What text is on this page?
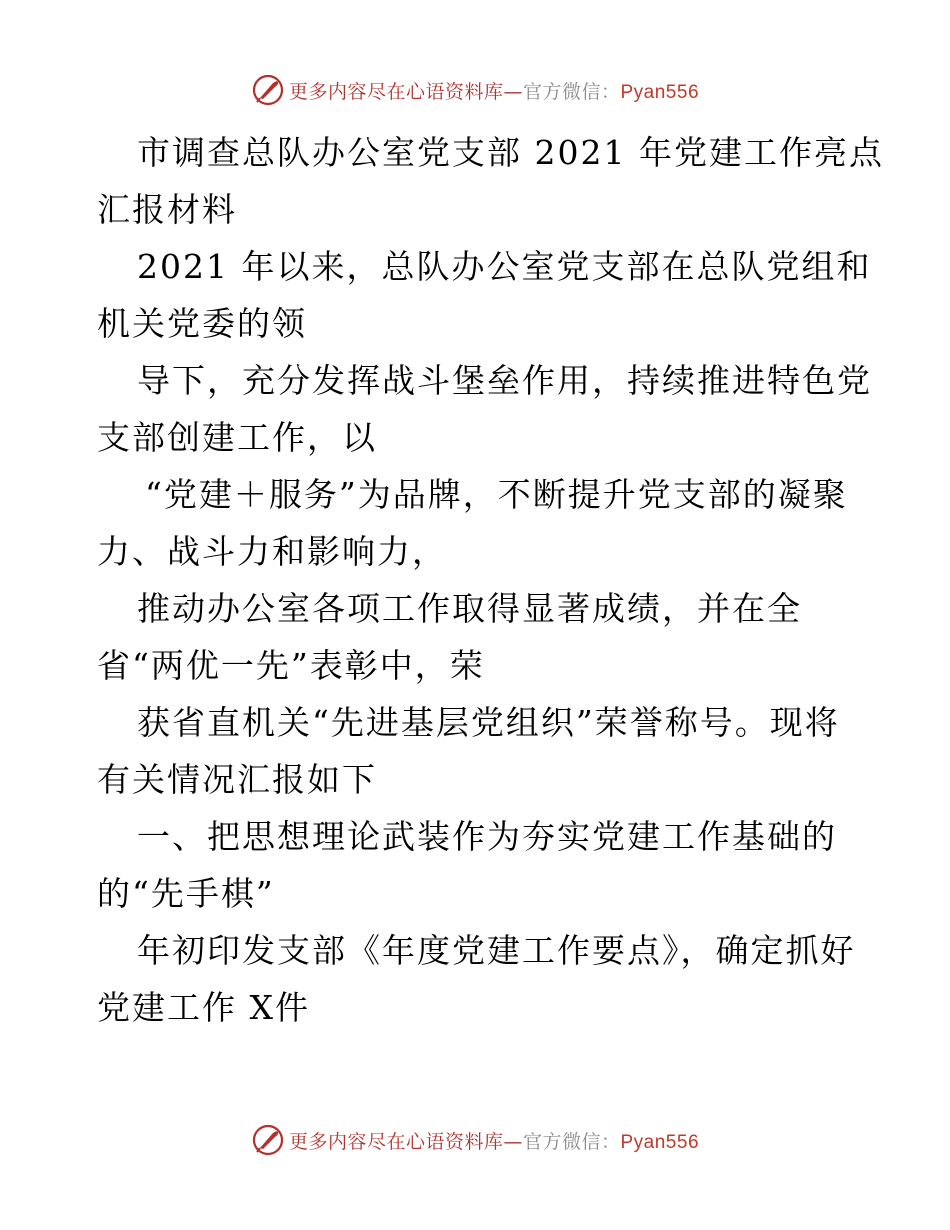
更多内容尽在心语资料库—官方微信：Pyan556
市调查总队办公室党支部 2021 年党建工作亮点
汇报材料
2021 年以来，总队办公室党支部在总队党组和
机关党委的领
导下，充分发挥战斗堡垒作用，持续推进特色党
支部创建工作，以
“党建＋服务”为品牌，不断提升党支部的凝聚
力、战斗力和影响力，
推动办公室各项工作取得显著成绩，并在全
省“两优一先”表彰中，荣
获省直机关“先进基层党组织”荣誉称号。现将
有关情况汇报如下
一、把思想理论武装作为夯实党建工作基础的
的“先手棋”
年初印发支部《年度党建工作要点》，确定抓好
党建工作 X件
更多内容尽在心语资料库—官方微信：Pyan556
